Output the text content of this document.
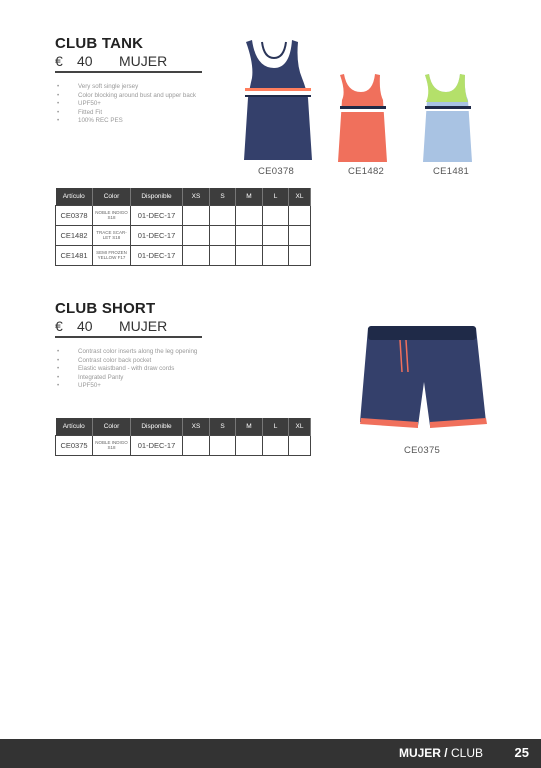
CLUB TANK
€	40	MUJER
• Very soft single jersey
• Color blocking around bust and upper back
• UPF50+
• Fitted Fit
• 100% REC PES
CE0378	CE1482	CE1481
Artículo	Color	Disponible	XS	S	M	L	XL
CE0378	NOBLE INDIGO S18	01-DEC-17					
CE1482	TRACE SCAR-LET S18	01-DEC-17					
CE1481	SEMI FROZEN YELLOW F17	01-DEC-17					
CLUB SHORT
€	40	MUJER
• Contrast color inserts along the leg opening
• Contrast color back pocket
• Elastic waistband - with draw cords
• Integrated Panty
• UPF50+
CE0375
Artículo	Color	Disponible	XS	S	M	L	XL
CE0375	NOBLE INDIGO S18	01-DEC-17					
MUJER / CLUB 25
